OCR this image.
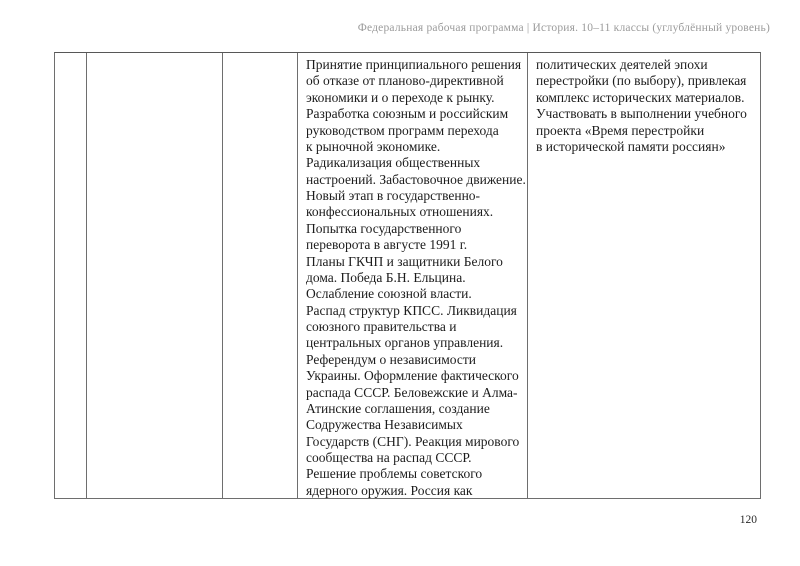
Федеральная рабочая программа | История. 10–11 классы (углублённый уровень)
Принятие принципиального решения
об отказе от планово-директивной
экономики и о переходе к рынку.
Разработка союзным и российским
руководством программ перехода
к рыночной экономике.
Радикализация общественных
настроений. Забастовочное движение.
Новый этап в государственно-
конфессиональных отношениях.
Попытка государственного
переворота в августе 1991 г.
Планы ГКЧП и защитники Белого
дома. Победа Б.Н. Ельцина.
Ослабление союзной власти.
Распад структур КПСС. Ликвидация
союзного правительства и
центральных органов управления.
Референдум о независимости
Украины. Оформление фактического
распада СССР. Беловежские и Алма-
Атинские соглашения, создание
Содружества Независимых
Государств (СНГ). Реакция мирового
сообщества на распад СССР.
Решение проблемы советского
ядерного оружия. Россия как
политических деятелей эпохи
перестройки (по выбору), привлекая
комплекс исторических материалов.
Участвовать в выполнении учебного
проекта «Время перестройки
в исторической памяти россиян»
120
